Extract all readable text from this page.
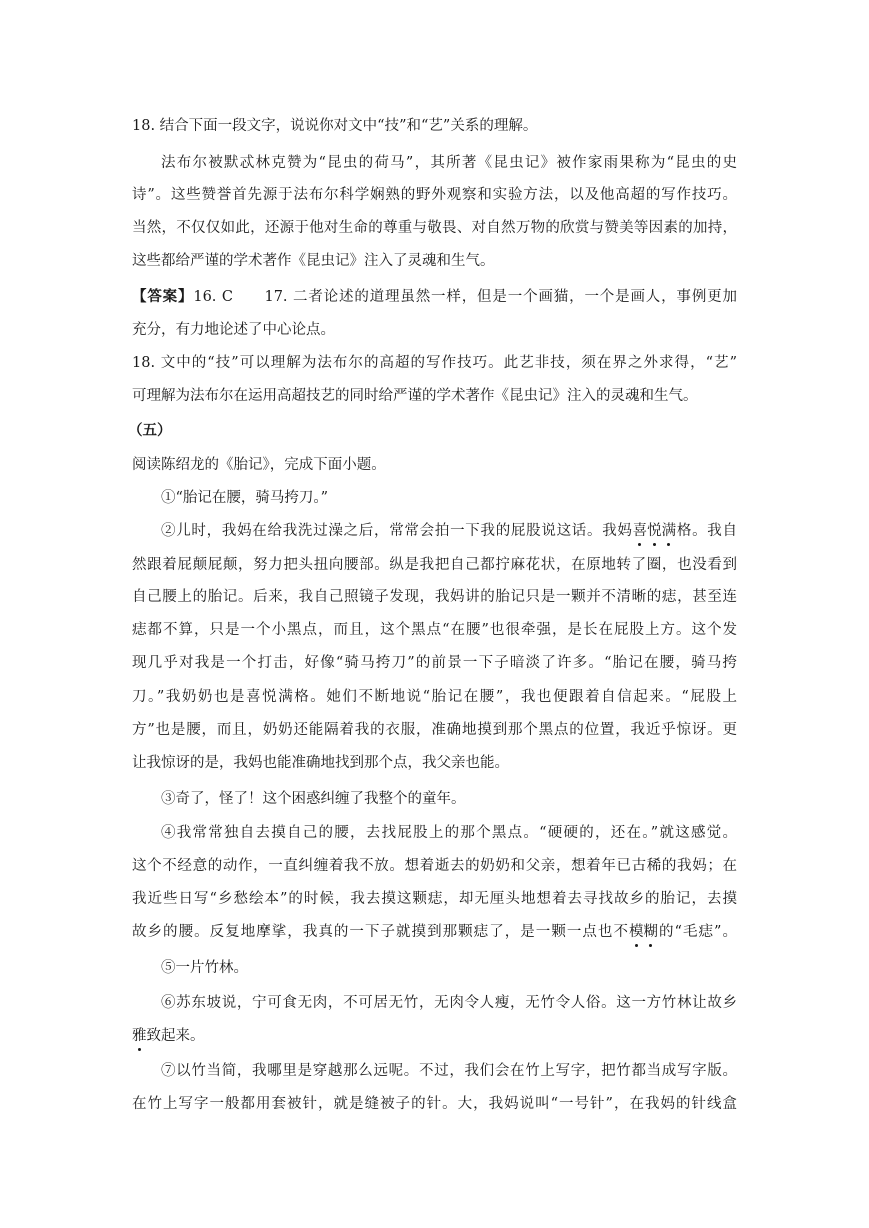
18. 结合下面一段文字，说说你对文中“技”和“艺”关系的理解。
法布尔被默忒林克赞为“昆虫的荷马”，其所著《昆虫记》被作家雨果称为“昆虫的史
诗”。这些赞誉首先源于法布尔科学娴熟的野外观察和实验方法，以及他高超的写作技巧。
当然，不仅仅如此，还源于他对生命的尊重与敬畏、对自然万物的欣赏与赞美等因素的加持，
这些都给严谨的学术著作《昆虫记》注入了灵魂和生气。
【答案】16. C　　17. 二者论述的道理虽然一样，但是一个画猫，一个是画人，事例更加
充分，有力地论述了中心论点。
18. 文中的“技”可以理解为法布尔的高超的写作技巧。此艺非技，须在界之外求得，“艺”
可理解为法布尔在运用高超技艺的同时给严谨的学术著作《昆虫记》注入的灵魂和生气。
（五）
阅读陈绍龙的《胎记》，完成下面小题。
①“胎记在腰，骑马挎刀。”
②儿时，我妈在给我洗过澡之后，常常会拍一下我的屁股说这话。我妈喜悦满格。我自
然跟着屁颠屁颠，努力把头扭向腰部。纵是我把自己都拧麻花状，在原地转了圈，也没看到
自己腰上的胎记。后来，我自己照镜子发现，我妈讲的胎记只是一颗并不清晰的痣，甚至连
痣都不算，只是一个小黑点，而且，这个黑点“在腰”也很牵强，是长在屁股上方。这个发
现几乎对我是一个打击，好像“骑马挎刀”的前景一下子暗淡了许多。“胎记在腰，骑马挎
刀。”我奶奶也是喜悦满格。她们不断地说“胎记在腰”，我也便跟着自信起来。“屁股上
方”也是腰，而且，奶奶还能隔着我的衣服，准确地摸到那个黑点的位置，我近乎惊讶。更
让我惊讶的是，我妈也能准确地找到那个点，我父亲也能。
③奇了，怪了！这个困惑纠缠了我整个的童年。
④我常常独自去摸自己的腰，去找屁股上的那个黑点。“硬硬的，还在。”就这感觉。
这个不经意的动作，一直纠缠着我不放。想着逝去的奶奶和父亲，想着年已古稀的我妈；在
我近些日写“乡愁绘本”的时候，我去摸这颗痣，却无厘头地想着去寻找故乡的胎记，去摸
故乡的腰。反复地摩挲，我真的一下子就摸到那颗痣了，是一颗一点也不模糊的“毛痣”。
⑤一片竹林。
⑥苏东坡说，宁可食无肉，不可居无竹，无肉令人瘦，无竹令人俗。这一方竹林让故乡
雅致起来。
⑦以竹当简，我哪里是穿越那么远呢。不过，我们会在竹上写字，把竹都当成写字版。
在竹上写字一般都用套被针，就是缝被子的针。大，我妈说叫“一号针”，在我妈的针线盒
